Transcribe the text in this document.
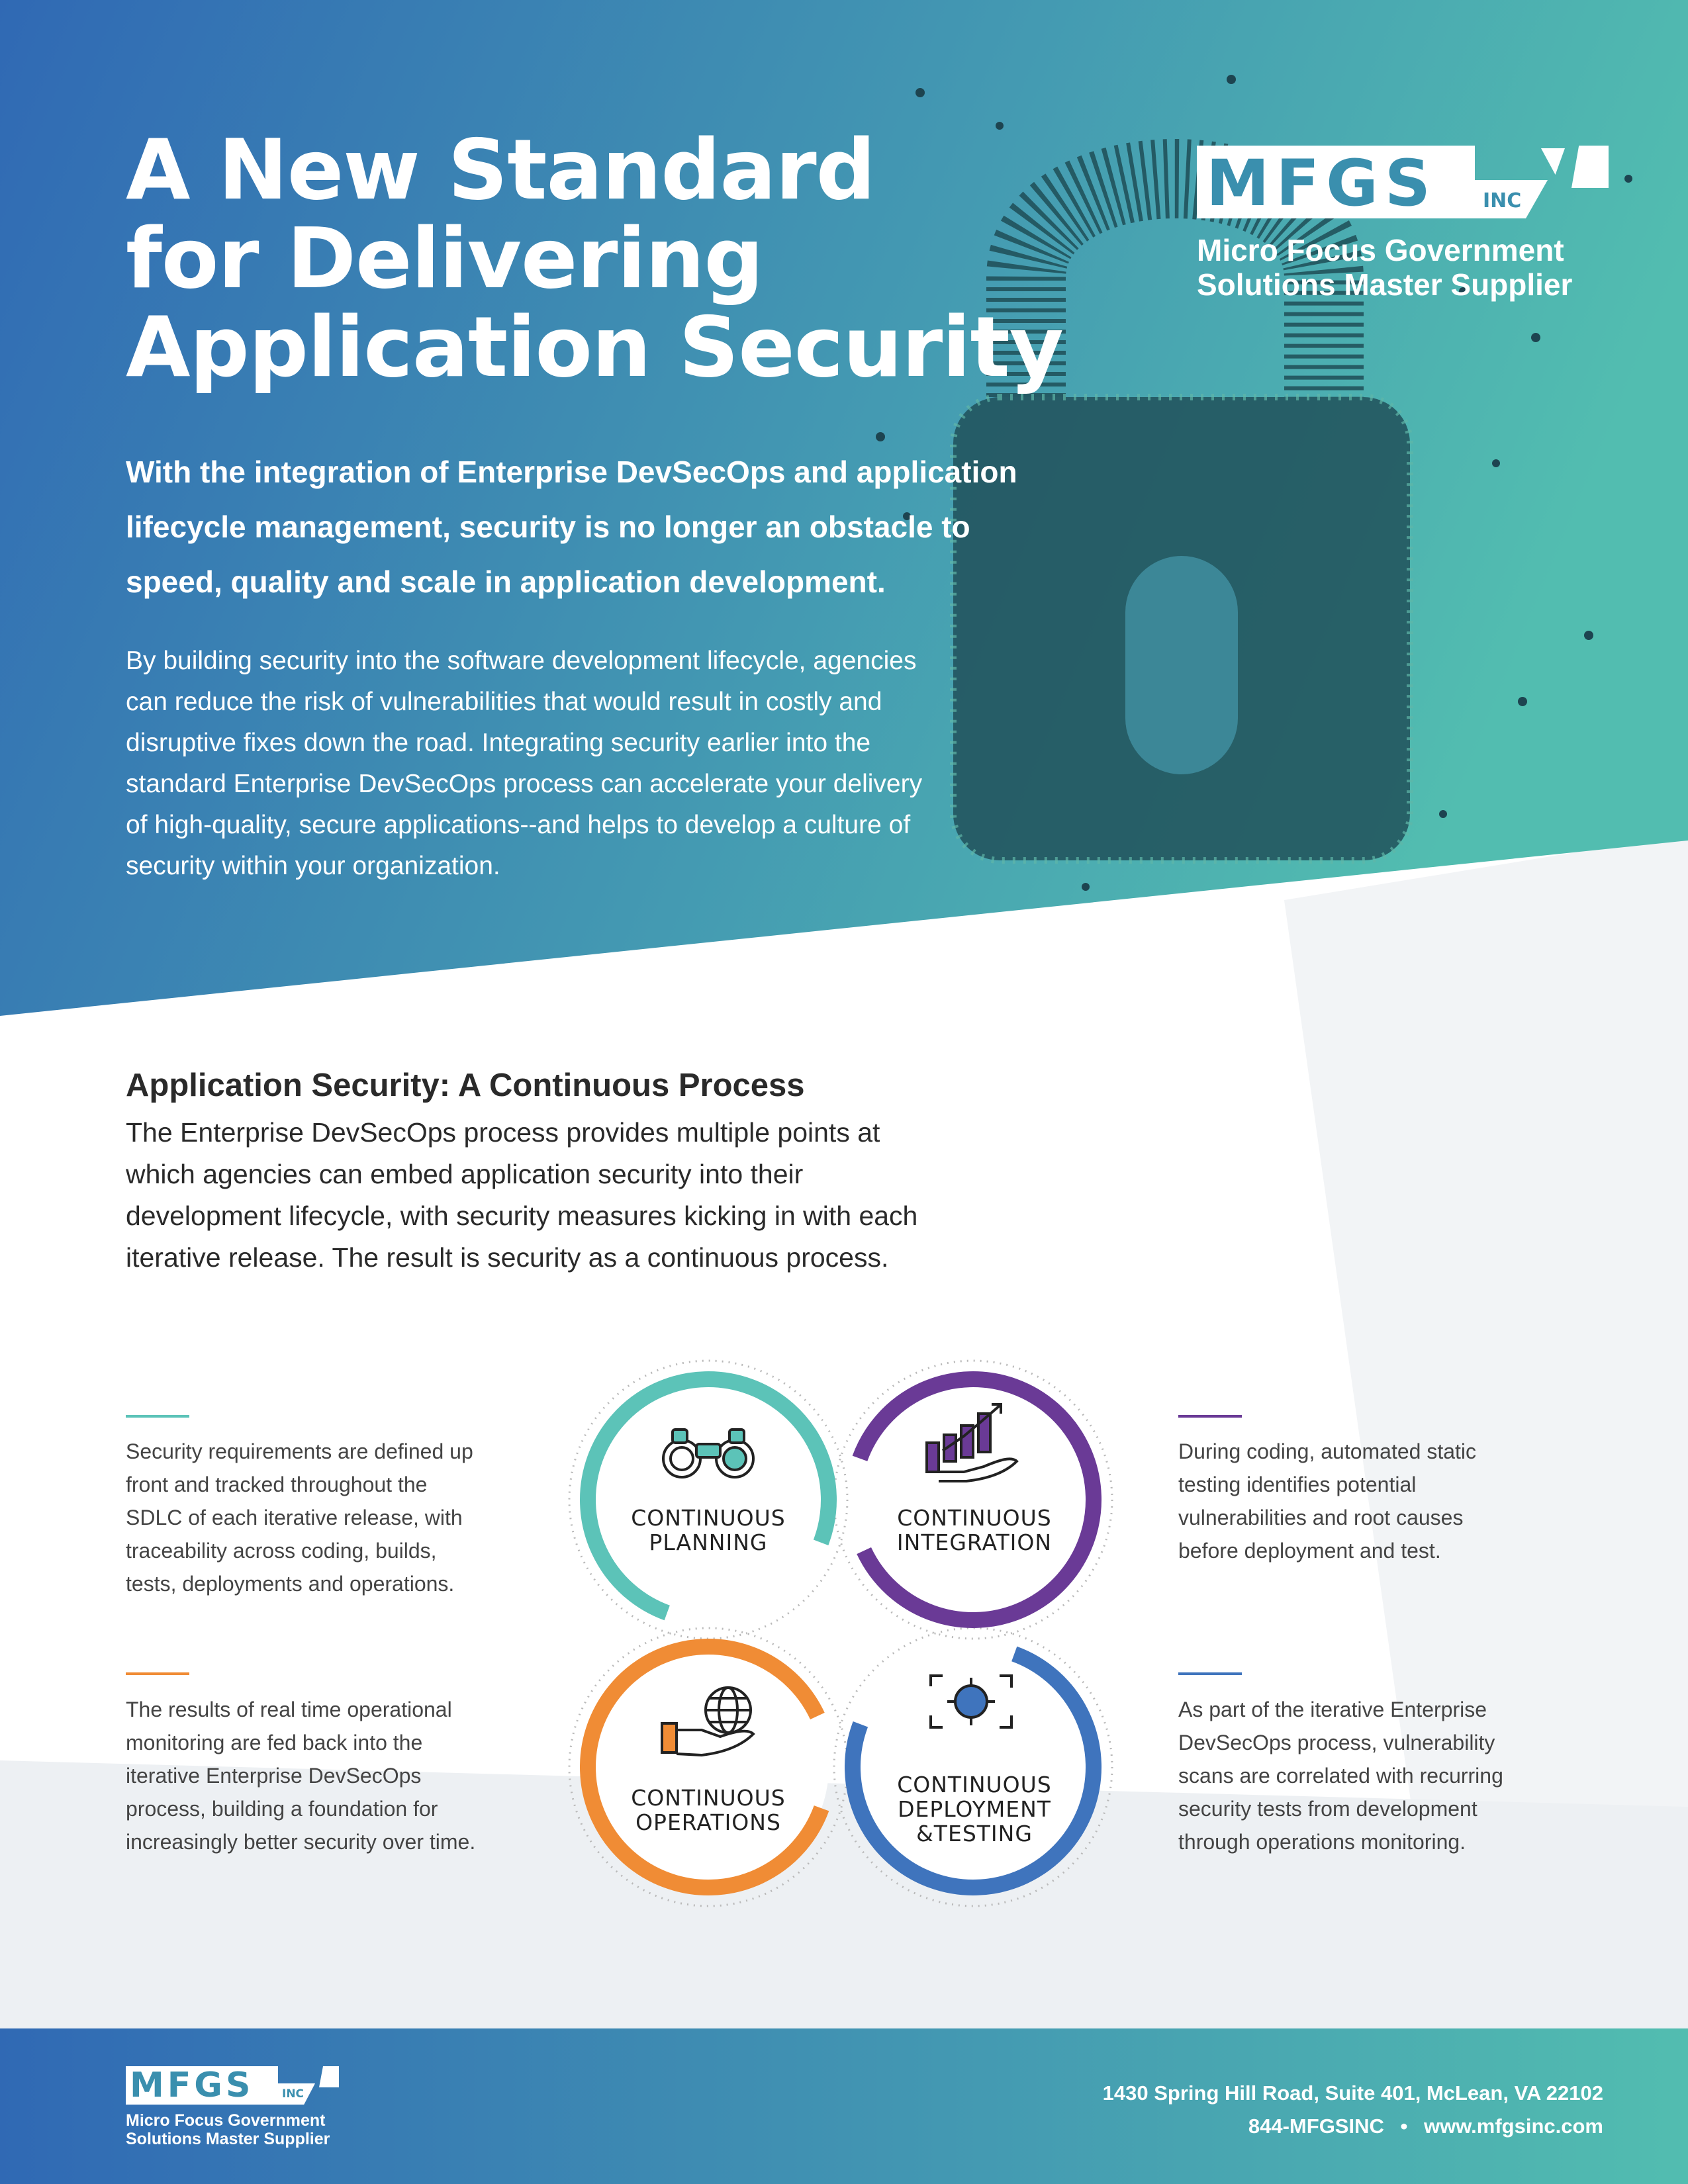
A New Standard
for Delivering
Application Security
With the integration of Enterprise DevSecOps and application
lifecycle management, security is no longer an obstacle to
speed, quality and scale in application development.
By building security into the software development lifecycle, agencies
can reduce the risk of vulnerabilities that would result in costly and
disruptive fixes down the road. Integrating security earlier into the
standard Enterprise DevSecOps process can accelerate your delivery
of high-quality, secure applications--and helps to develop a culture of
security within your organization.
MFGS INC
Micro Focus Government
Solutions Master Supplier
Application Security: A Continuous Process
The Enterprise DevSecOps process provides multiple points at
which agencies can embed application security into their
development lifecycle, with security measures kicking in with each
iterative release. The result is security as a continuous process.
Security requirements are defined up
front and tracked throughout the
SDLC of each iterative release, with
traceability across coding, builds,
tests, deployments and operations.
During coding, automated static
testing identifies potential
vulnerabilities and root causes
before deployment and test.
The results of real time operational
monitoring are fed back into the
iterative Enterprise DevSecOps
process, building a foundation for
increasingly better security over time.
As part of the iterative Enterprise
DevSecOps process, vulnerability
scans are correlated with recurring
security tests from development
through operations monitoring.
CONTINUOUS
PLANNING
CONTINUOUS
INTEGRATION
CONTINUOUS
OPERATIONS
CONTINUOUS
DEPLOYMENT
&TESTING
MFGS	INC
Micro Focus Government
Solutions Master Supplier
1430 Spring Hill Road, Suite 401, McLean, VA 22102
844-MFGSINC • www.mfgsinc.com
